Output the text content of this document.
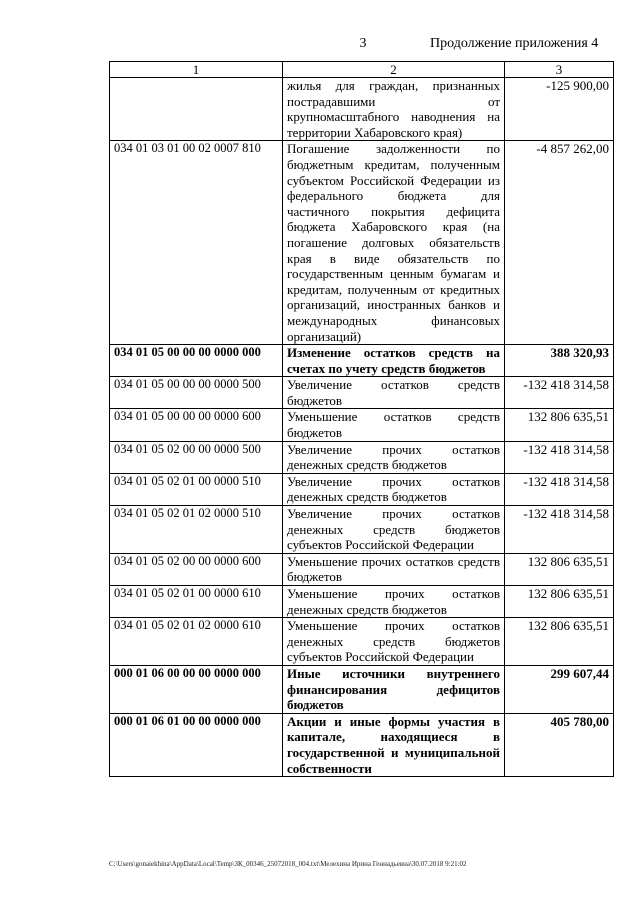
3	Продолжение приложения 4
1	2	3
	жилья для граждан, признанных пострадавшими от крупномасштабного наводнения на территории Хабаровского края)	-125 900,00
034 01 03 01 00 02 0007 810	Погашение задолженности по бюджетным кредитам, полученным субъектом Российской Федерации из федерального бюджета для частичного покрытия дефицита бюджета Хабаровского края (на погашение долговых обязательств края в виде обязательств по государственным ценным бумагам и кредитам, полученным от кредитных организаций, иностранных банков и международных финансовых организаций)	-4 857 262,00
034 01 05 00 00 00 0000 000	Изменение остатков средств на счетах по учету средств бюджетов	388 320,93
034 01 05 00 00 00 0000 500	Увеличение остатков средств бюджетов	-132 418 314,58
034 01 05 00 00 00 0000 600	Уменьшение остатков средств бюджетов	132 806 635,51
034 01 05 02 00 00 0000 500	Увеличение прочих остатков денежных средств бюджетов	-132 418 314,58
034 01 05 02 01 00 0000 510	Увеличение прочих остатков денежных средств бюджетов	-132 418 314,58
034 01 05 02 01 02 0000 510	Увеличение прочих остатков денежных средств бюджетов субъектов Российской Федерации	-132 418 314,58
034 01 05 02 00 00 0000 600	Уменьшение прочих остатков средств бюджетов	132 806 635,51
034 01 05 02 01 00 0000 610	Уменьшение прочих остатков денежных средств бюджетов	132 806 635,51
034 01 05 02 01 02 0000 610	Уменьшение прочих остатков денежных средств бюджетов субъектов Российской Федерации	132 806 635,51
000 01 06 00 00 00 0000 000	Иные источники внутреннего финансирования дефицитов бюджетов	299 607,44
000 01 06 01 00 00 0000 000	Акции и иные формы участия в капитале, находящиеся в государственной и муниципальной собственности	405 780,00
C:\Users\gonaiekhina\AppData\Local\Temp\ЗК_00346_25072018_004.txt\Мелехина Ирина Геннадьевна\30.07.2018 9:21:02
